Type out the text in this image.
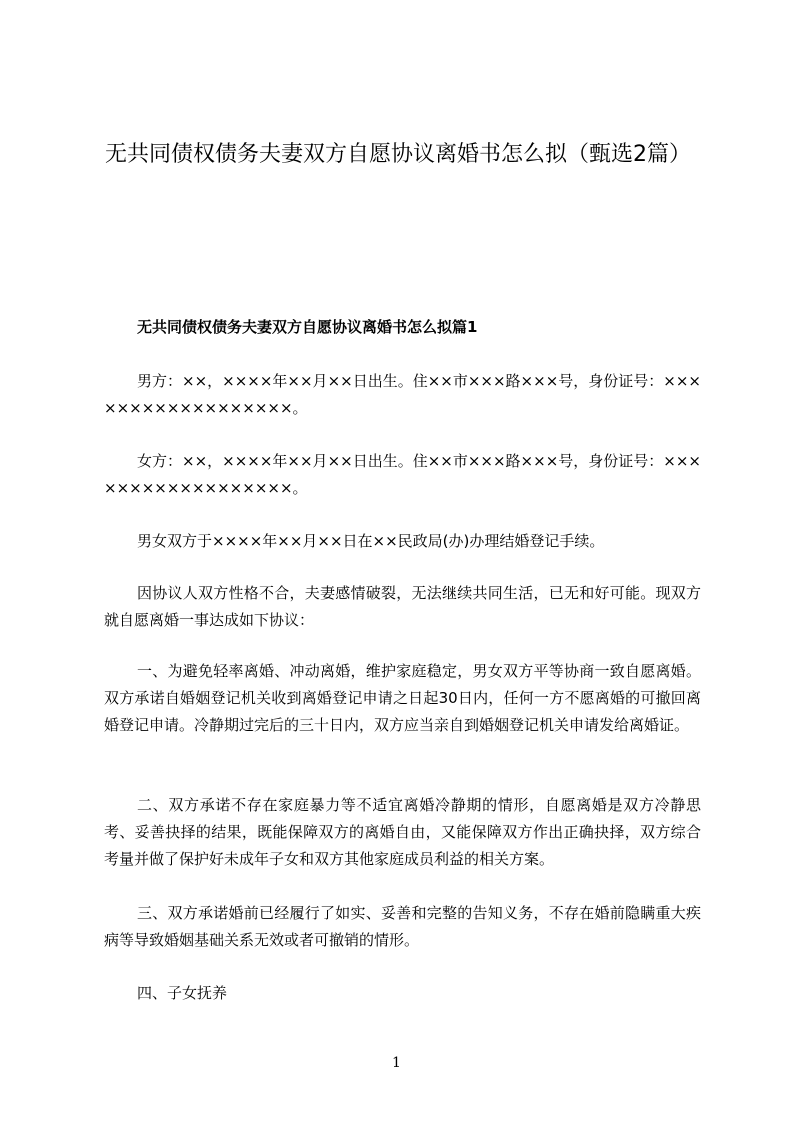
无共同债权债务夫妻双方自愿协议离婚书怎么拟（甄选2篇）
无共同债权债务夫妻双方自愿协议离婚书怎么拟篇1

男方：××，××××年××月××日出生。住××市×××路×××号，身份证号：××××××××××××××××××。

女方：××，××××年××月××日出生。住××市×××路×××号，身份证号：××××××××××××××××××。

男女双方于××××年××月××日在××民政局(办)办理结婚登记手续。

因协议人双方性格不合，夫妻感情破裂，无法继续共同生活，已无和好可能。现双方就自愿离婚一事达成如下协议：

一、为避免轻率离婚、冲动离婚，维护家庭稳定，男女双方平等协商一致自愿离婚。双方承诺自婚姻登记机关收到离婚登记申请之日起30日内，任何一方不愿离婚的可撤回离婚登记申请。冷静期过完后的三十日内，双方应当亲自到婚姻登记机关申请发给离婚证。

二、双方承诺不存在家庭暴力等不适宜离婚冷静期的情形，自愿离婚是双方冷静思考、妥善抉择的结果，既能保障双方的离婚自由，又能保障双方作出正确抉择，双方综合考量并做了保护好未成年子女和双方其他家庭成员利益的相关方案。

三、双方承诺婚前已经履行了如实、妥善和完整的告知义务，不存在婚前隐瞒重大疾病等导致婚姻基础关系无效或者可撤销的情形。

四、子女抚养

1
